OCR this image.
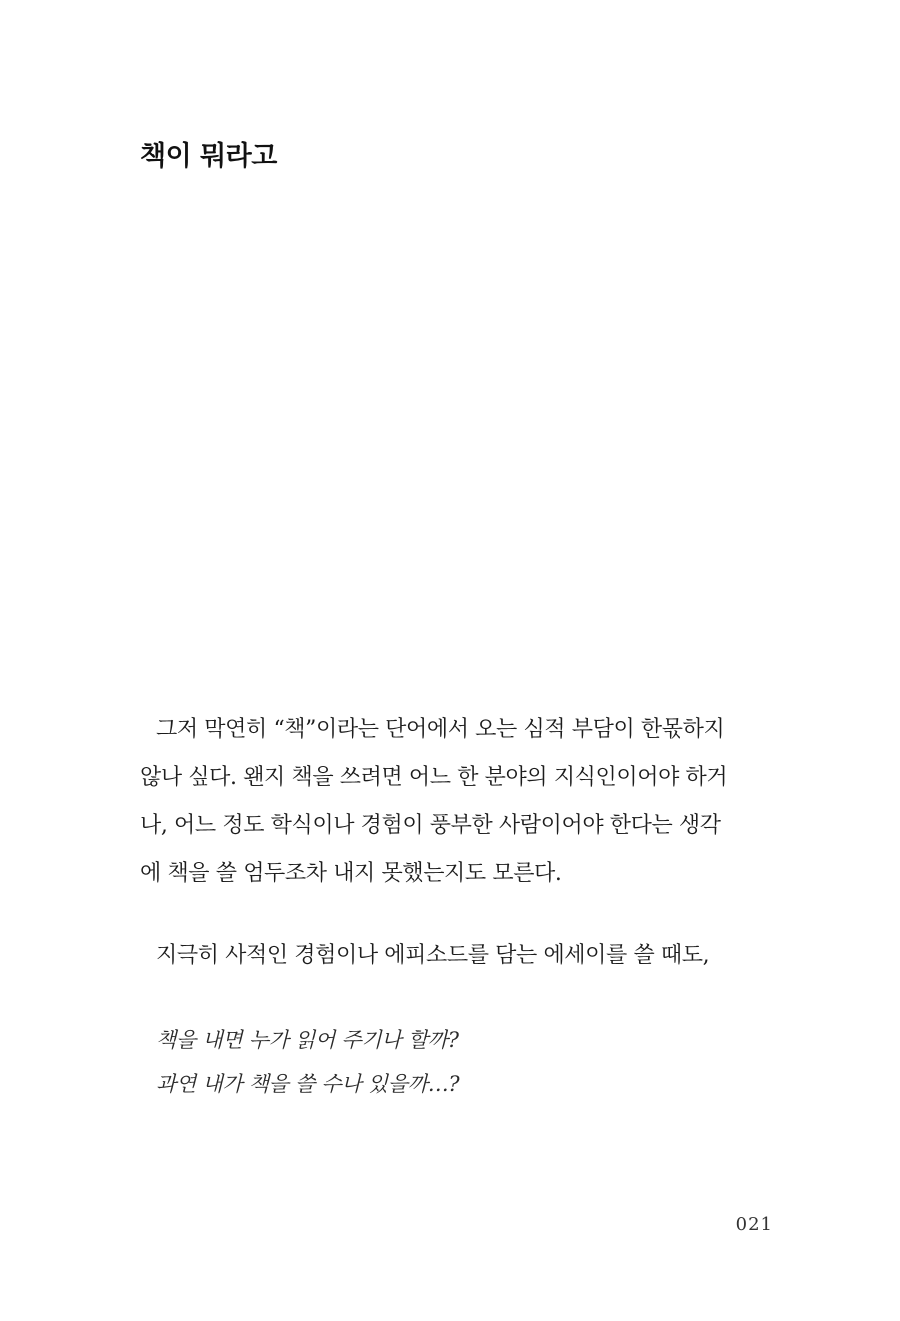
책이 뭐라고
그저 막연히 “책”이라는 단어에서 오는 심적 부담이 한몫하지
않나 싶다. 왠지 책을 쓰려면 어느 한 분야의 지식인이어야 하거
나, 어느 정도 학식이나 경험이 풍부한 사람이어야 한다는 생각
에 책을 쓸 엄두조차 내지 못했는지도 모른다.
지극히 사적인 경험이나 에피소드를 담는 에세이를 쓸 때도,
책을 내면 누가 읽어 주기나 할까?
과연 내가 책을 쓸 수나 있을까…?
021
